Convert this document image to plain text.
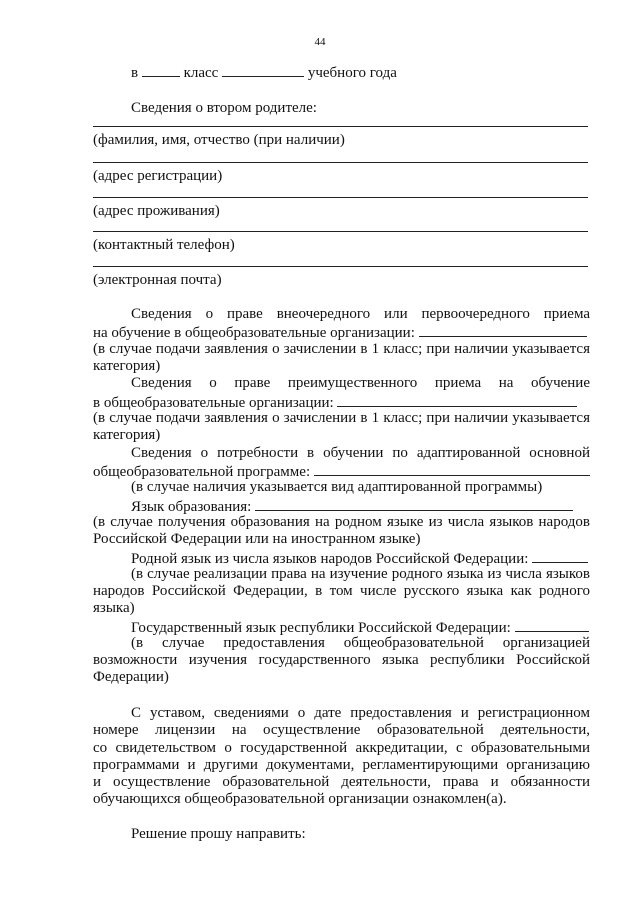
44
в	класс	учебного года
Сведения о втором родителе:
(фамилия, имя, отчество (при наличии)
(адрес регистрации)
(адрес проживания)
(контактный телефон)
(электронная почта)
Сведения о праве внеочередного или первоочередного приема
на обучение в общеобразовательные организации:
(в случае подачи заявления о зачислении в 1 класс; при наличии указывается
категория)
Сведения о праве преимущественного приема на обучение
в общеобразовательные организации:
(в случае подачи заявления о зачислении в 1 класс; при наличии указывается
категория)
Сведения о потребности в обучении по адаптированной основной
общеобразовательной программе:
(в случае наличия указывается вид адаптированной программы)
Язык образования:
(в случае получения образования на родном языке из числа языков народов
Российской Федерации или на иностранном языке)
Родной язык из числа языков народов Российской Федерации:
(в случае реализации права на изучение родного языка из числа языков
народов Российской Федерации, в том числе русского языка как родного
языка)
Государственный язык республики Российской Федерации:
(в случае предоставления общеобразовательной организацией
возможности изучения государственного языка республики Российской
Федерации)
С уставом, сведениями о дате предоставления и регистрационном
номере лицензии на осуществление образовательной деятельности,
со свидетельством о государственной аккредитации, с образовательными
программами и другими документами, регламентирующими организацию
и осуществление образовательной деятельности, права и обязанности
обучающихся общеобразовательной организации ознакомлен(а).
Решение прошу направить:
